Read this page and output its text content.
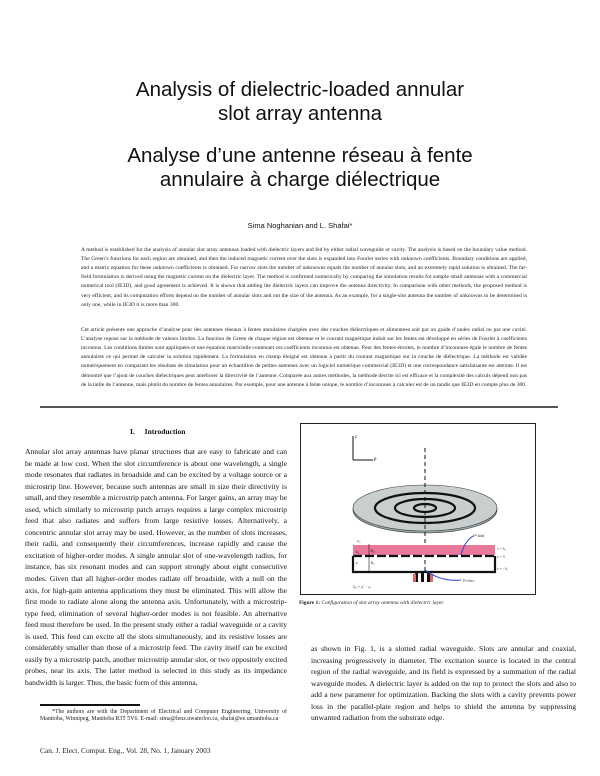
Analysis of dielectric-loaded annular
slot array antenna
Analyse d’une antenne réseau à fente
annulaire à charge diélectrique
Sima Noghanian and L. Shafai*

A method is established for the analysis of annular slot array antennas loaded with dielectric layers and fed by either radial waveguide or cavity. The analysis is based on the boundary value method. The Green’s functions for each region are obtained, and then the induced magnetic current over the slots is expanded into Fourier series with unknown coefficients. Boundary conditions are applied, and a matrix equation for these unknown coefficients is obtained. For narrow slots the number of unknowns equals the number of annular slots, and an extremely rapid solution is obtained. The far-field formulation is derived using the magnetic current on the dielectric layer. The method is confirmed numerically by comparing the simulation results for sample small antennas with a commercial numerical tool (IE3D), and good agreement is achieved. It is shown that adding the dielectric layers can improve the antenna directivity. In comparison with other methods, the proposed method is very efficient, and its computation efforts depend on the number of annular slots and not the size of the antenna. As an example, for a single-slot antenna the number of unknowns to be determined is only one, while in IE3D it is more than 300.

Cet article présente une approche d’analyse pour des antennes réseaux à fentes annulaires chargées avec des couches diélectriques et alimentees soit par un guide d’ondes radial ou par une cavité. L’analyse repose sur la méthode de valeurs limites. La fonction de Green de chaque région est obtenue et le courant magnétique induit sur les fentes est développé en séries de Fourier à coefficients inconnus. Les conditions limites sont appliquées et une équation matricielle contenant ces coefficients inconnus est obtenue. Pour des fentes étroites, le nombre d’inconnues égale le nombre de fentes annulaires ce qui permet de calculer la solution rapidement. La formulation en champ éloigné est obtenue à partir du courant magnétique sur la couche de diélectrique. La méthode est validée numériquement en comparant les résultats de simulation pour un échantillon de petites antennes avec un logiciel numérique commercial (IE3D) et une correspondance satisfaisante est atteinte. Il est démontré que l’ajout de couches diélectriques peut améliorer la directivité de l’antenne. Comparée aux autres méthodes, la méthode décrite ici est efficace et la complexité des calculs dépend non pas de la taille de l’antenne, mais plutôt du nombre de fentes annulaires. Par exemple, pour une antenne à fente unique, le nombre d’inconnues à calculer est de un tandis que IE3D en compte plus de 300.

I. Introduction

Annular slot array antennas have planar structures that are easy to fabricate and can be made at low cost. When the slot circumference is about one wavelength, a single mode resonates that radiates in broadside and can be excited by a voltage source or a microstrip line. However, because such antennas are small in size their directivity is small, and they resemble a microstrip patch antenna. For larger gains, an array may be used, which similarly to microstrip patch arrays requires a large complex microstrip feed that also radiates and suffers from large resistive losses. Alternatively, a concentric annular slot array may be used. However, as the number of slots increases, their radii, and consequently their circumferences, increase rapidly and cause the excitation of higher-order modes. A single annular slot of one-wavelength radius, for instance, has six resonant modes and can support strongly about eight consecutive modes. Given that all higher-order modes radiate off broadside, with a null on the axis, for high-gain antenna applications they must be eliminated. This will allow the first mode to radiate alone along the antenna axis. Unfortunately, with a microstrip-type feed, elimination of several higher-order modes is not feasible. An alternative feed must therefore be used. In the present study either a radial waveguide or a cavity is used. This feed can excite all the slots simultaneously, and its resistive losses are considerably smaller than those of a microstrip feed. The cavity itself can be excited easily by a microstrip patch, another microstrip annular slot, or two oppositely excited probes, near its axis. The latter method is selected in this study as its impedance bandwidth is larger. Thus, the basic form of this antenna,

z
ρ
ε₀
ε₁	h₂
ε	h₁
iᵗʰ slot
z = h₂
z = 0
z = −h₁
Probes
δₚᵢ = ρᵢ′ − ρᵢ
Figure 1: Configuration of slot array antenna with dielectric layer.

as shown in Fig. 1, is a slotted radial waveguide. Slots are annular and coaxial, increasing progressively in diameter. The excitation source is located in the central region of the radial waveguide, and its field is expressed by a summation of the radial waveguide modes. A dielectric layer is added on the top to protect the slots and also to add a new parameter for optimization. Backing the slots with a cavity prevents power loss in the parallel-plate region and helps to shield the antenna by suppressing unwanted radiation from the substrate edge.

*The authors are with the Department of Electrical and Computer Engineering, University of Manitoba, Winnipeg, Manitoba R3T 5V6. E-mail: sima@lenz.uwaterloo.ca, shafai@ee.umanitoba.ca

Can. J. Elect. Comput. Eng., Vol. 28, No. 1, January 2003
